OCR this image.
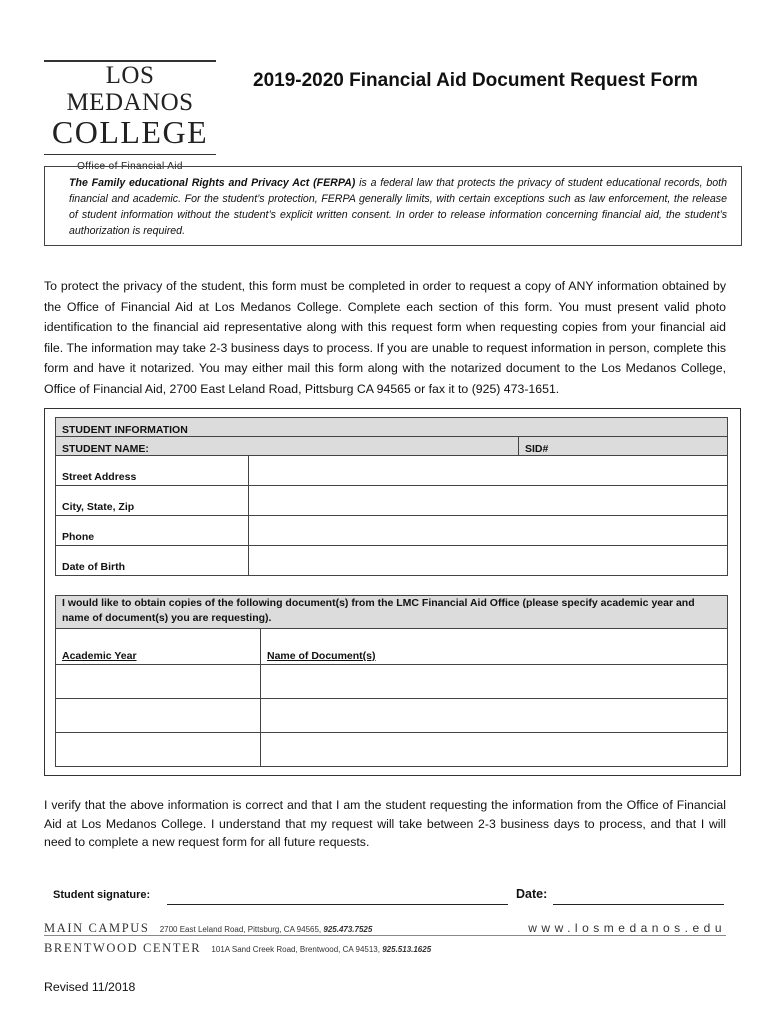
LOS MEDANOS
COLLEGE
Office of Financial Aid
2019-2020 Financial Aid Document Request Form
The Family educational Rights and Privacy Act (FERPA) is a federal law that protects the privacy of student educational records, both financial and academic. For the student’s protection, FERPA generally limits, with certain exceptions such as law enforcement, the release of student information without the student’s explicit written consent. In order to release information concerning financial aid, the student’s authorization is required.
To protect the privacy of the student, this form must be completed in order to request a copy of ANY information obtained by the Office of Financial Aid at Los Medanos College. Complete each section of this form. You must present valid photo identification to the financial aid representative along with this request form when requesting copies from your financial aid file. The information may take 2-3 business days to process. If you are unable to request information in person, complete this form and have it notarized. You may either mail this form along with the notarized document to the Los Medanos College, Office of Financial Aid, 2700 East Leland Road, Pittsburg CA 94565 or fax it to (925) 473-1651.
STUDENT INFORMATION		
STUDENT NAME:		SID#
Street Address		
City, State, Zip		
Phone		
Date of Birth		
I would like to obtain copies of the following document(s) from the LMC Financial Aid Office (please specify academic year and name of document(s) you are requesting).	
Academic Year	Name of Document(s)

I verify that the above information is correct and that I am the student requesting the information from the Office of Financial Aid at Los Medanos College. I understand that my request will take between 2-3 business days to process, and that I will need to complete a new request form for all future requests.
Student signature:	Date:
MAIN CAMPUS 2700 East Leland Road, Pittsburg, CA 94565, 925.473.7525	www.losmedanos.edu
BRENTWOOD CENTER 101A Sand Creek Road, Brentwood, CA 94513, 925.513.1625
Revised 11/2018
